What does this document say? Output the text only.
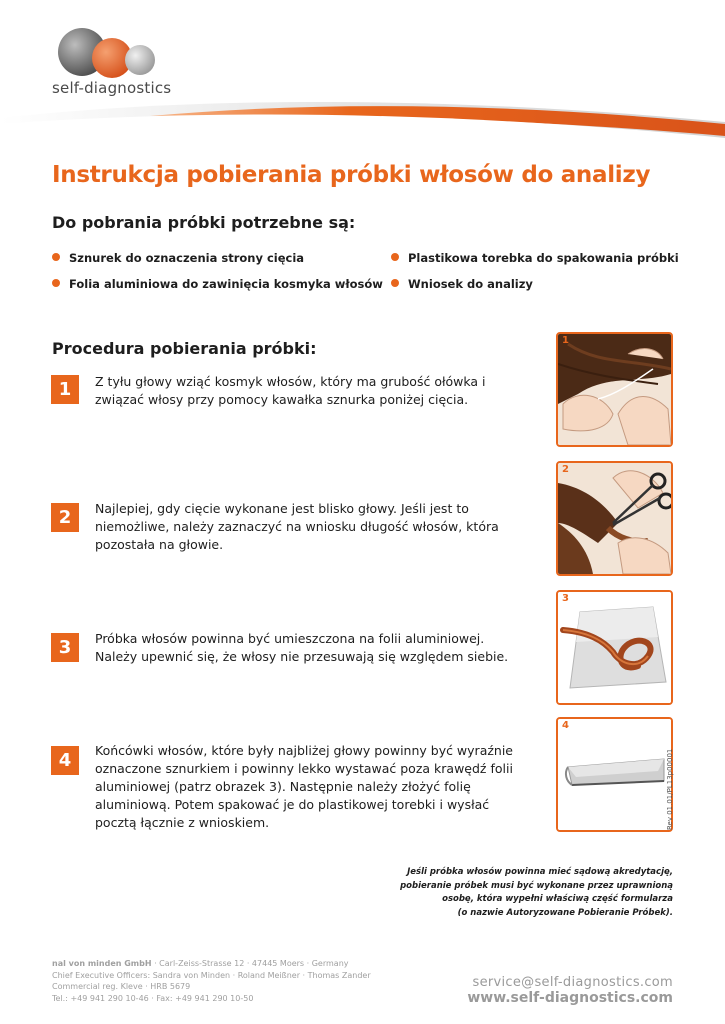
self-diagnostics
Instrukcja pobierania próbki włosów do analizy
Do pobrania próbki potrzebne są:
Sznurek do oznaczenia strony cięcia
Folia aluminiowa do zawinięcia kosmyka włosów
Plastikowa torebka do spakowania próbki
Wniosek do analizy
Procedura pobierania próbki:
1	Z tyłu głowy wziąć kosmyk włosów, który ma grubość ołówka i związać włosy przy pomocy kawałka sznurka poniżej cięcia.
2	Najlepiej, gdy cięcie wykonane jest blisko głowy. Jeśli jest to niemożliwe, należy zaznaczyć na wniosku długość włosów, która pozostała na głowie.
3	Próbka włosów powinna być umieszczona na folii aluminiowej. Należy upewnić się, że włosy nie przesuwają się względem siebie.
4	Końcówki włosów, które były najbliżej głowy powinny być wyraźnie oznaczone sznurkiem i powinny lekko wystawać poza krawędź folii aluminiowej (patrz obrazek 3). Następnie należy złożyć folię aluminiową. Potem spakować je do plastikowej torebki i wysłać pocztą łącznie z wnioskiem.
1
2
3
4
Rev 01.01/PL13p00001
Jeśli próbka włosów powinna mieć sądową akredytację,
pobieranie próbek musi być wykonane przez uprawnioną
osobę, która wypełni właściwą część formularza
(o nazwie Autoryzowane Pobieranie Próbek).
nal von minden GmbH · Carl-Zeiss-Strasse 12 · 47445 Moers · Germany
Chief Executive Officers: Sandra von Minden · Roland Meißner · Thomas Zander
Commercial reg. Kleve · HRB 5679
Tel.: +49 941 290 10-46 · Fax: +49 941 290 10-50
service@self-diagnostics.com
www.self-diagnostics.com
